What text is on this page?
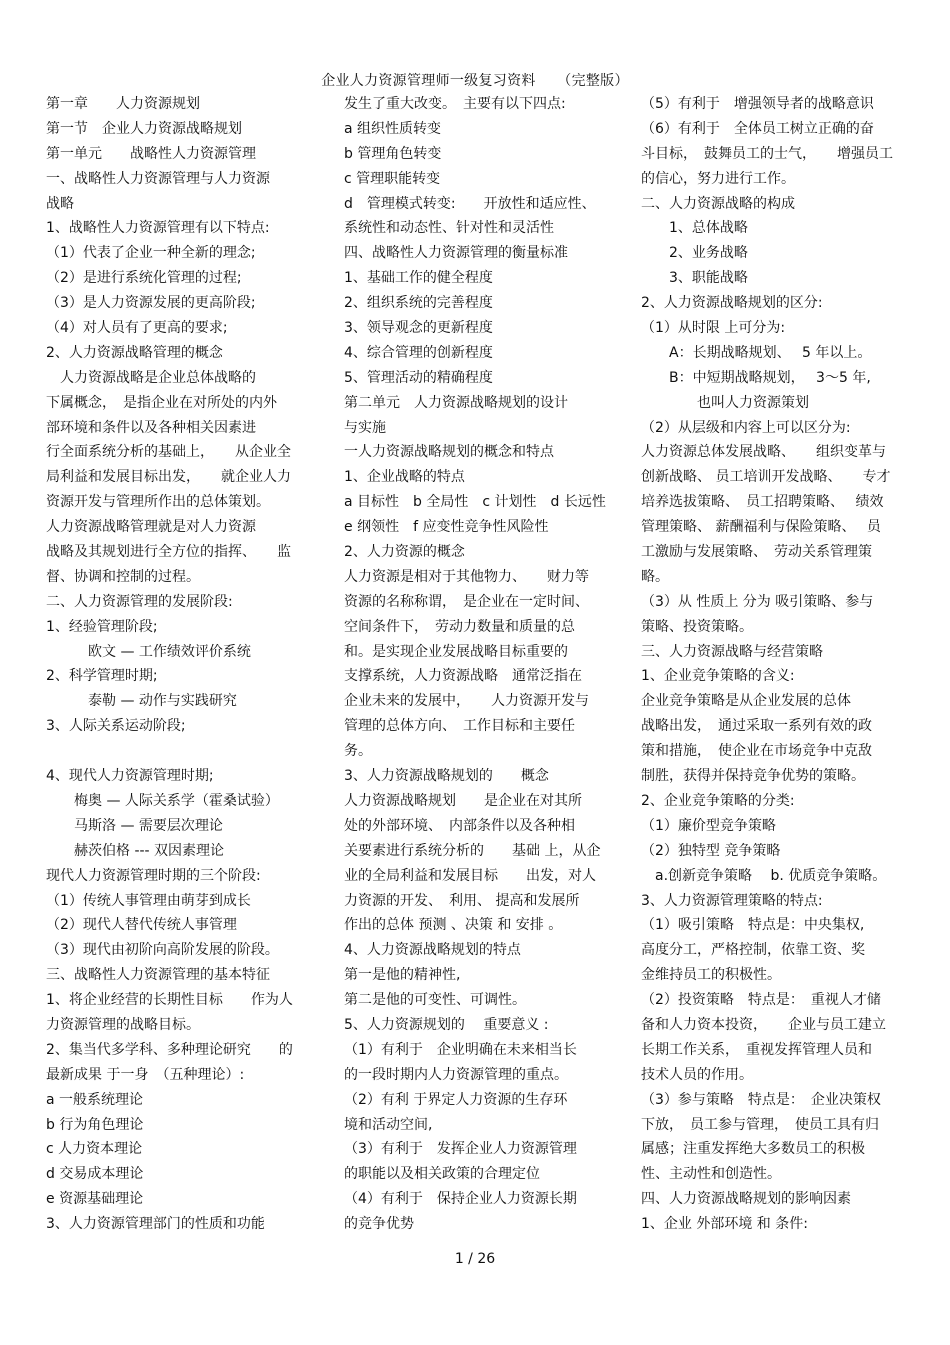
企业人力资源管理师一级复习资料　　（完整版）
第一章　　人力资源规划
第一节　企业人力资源战略规划
第一单元　　战略性人力资源管理
一、战略性人力资源管理与人力资源
战略
1、战略性人力资源管理有以下特点:
（1）代表了企业一种全新的理念;
（2）是进行系统化管理的过程;
（3）是人力资源发展的更高阶段;
（4）对人员有了更高的要求;
2、人力资源战略管理的概念
　人力资源战略是企业总体战略的
下属概念，　是指企业在对所处的内外
部环境和条件以及各种相关因素进
行全面系统分析的基础上，　　从企业全
局利益和发展目标出发，　　就企业人力
资源开发与管理所作出的总体策划。
人力资源战略管理就是对人力资源
战略及其规划进行全方位的指挥、　　监
督、协调和控制的过程。
二、人力资源管理的发展阶段:
1、经验管理阶段;
　　　欧文 — 工作绩效评价系统
2、科学管理时期;
　　　泰勒 — 动作与实践研究
3、人际关系运动阶段;
4、现代人力资源管理时期;
　　梅奥 — 人际关系学（霍桑试验）
　　马斯洛 — 需要层次理论
　　赫茨伯格 --- 双因素理论
现代人力资源管理时期的三个阶段:
（1）传统人事管理由萌芽到成长
（2）现代人替代传统人事管理
（3）现代由初阶向高阶发展的阶段。
三、战略性人力资源管理的基本特征
1、将企业经营的长期性目标　　作为人
力资源管理的战略目标。
2、集当代多学科、多种理论研究　　的
最新成果 于一身　（五种理论）:
a 一般系统理论
b 行为角色理论
c 人力资本理论
d 交易成本理论
e 资源基础理论
3、人力资源管理部门的性质和功能
发生了重大改变。　主要有以下四点:
a 组织性质转变
b 管理角色转变
c 管理职能转变
d　管理模式转变:　　开放性和适应性、
系统性和动态性、针对性和灵活性
四、战略性人力资源管理的衡量标准
1、基础工作的健全程度
2、组织系统的完善程度
3、领导观念的更新程度
4、综合管理的创新程度
5、管理活动的精确程度
第二单元　人力资源战略规划的设计
与实施
一人力资源战略规划的概念和特点
1、企业战略的特点
a 目标性　b 全局性　c 计划性　d 长远性
e 纲领性　f 应变性竞争性风险性
2、人力资源的概念
人力资源是相对于其他物力、　　财力等
资源的名称称谓，　是企业在一定时间、
空间条件下，　劳动力数量和质量的总
和。是实现企业发展战略目标重要的
支撑系统，人力资源战略　通常泛指在
企业未来的发展中，　　人力资源开发与
管理的总体方向、　工作目标和主要任
务。
3、人力资源战略规划的　　概念
人力资源战略规划　　是企业在对其所
处的外部环境、　内部条件以及各种相
关要素进行系统分析的　　基础 上，从企
业的全局利益和发展目标　　出发，对人
力资源的开发、　利用、 提高和发展所
作出的总体 预测 、决策 和 安排 。
4、人力资源战略规划的特点
第一是他的精神性,
第二是他的可变性、可调性。
5、人力资源规划的　 重要意义 :
（1）有利于　企业明确在未来相当长
的一段时期内人力资源管理的重点。
（2）有利 于界定人力资源的生存环
境和活动空间,
（3）有利于　发挥企业人力资源管理
的职能以及相关政策的合理定位
（4）有利于　保持企业人力资源长期
的竞争优势
（5）有利于　增强领导者的战略意识
（6）有利于　全体员工树立正确的奋
斗目标，　鼓舞员工的士气，　　增强员工
的信心，努力进行工作。
二、人力资源战略的构成
　　1、总体战略
　　2、业务战略
　　3、职能战略
2、人力资源战略规划的区分:
（1）从时限 上可分为:
　　A：长期战略规划、　 5 年以上。
　　B：中短期战略规划，　 3～5 年,
　　　　也叫人力资源策划
（2）从层级和内容上可以区分为:
人力资源总体发展战略、　　组织变革与
创新战略、 员工培训开发战略、　　专才
培养选拔策略、　员工招聘策略、　 绩效
管理策略、 薪酬福利与保险策略、　 员
工激励与发展策略、　劳动关系管理策
略。
（3）从 性质上 分为 吸引策略、参与
策略、投资策略。
三、人力资源战略与经营策略
1、企业竞争策略的含义:
企业竞争策略是从企业发展的总体
战略出发，　通过采取一系列有效的政
策和措施，　使企业在市场竞争中克敌
制胜，获得并保持竞争优势的策略。
2、企业竞争策略的分类:
（1）廉价型竞争策略
（2）独特型 竞争策略
　a.创新竞争策略　 b. 优质竞争策略。
3、人力资源管理策略的特点:
（1）吸引策略　特点是：中央集权,
高度分工，严格控制，依靠工资、奖
金维持员工的积极性。
（2）投资策略　特点是：　重视人才储
备和人力资本投资，　　企业与员工建立
长期工作关系，　重视发挥管理人员和
技术人员的作用。
（3）参与策略　特点是：　企业决策权
下放，　员工参与管理，　使员工具有归
属感；注重发挥绝大多数员工的积极
性、主动性和创造性。
四、人力资源战略规划的影响因素
1、企业 外部环境 和 条件:
1 / 26
